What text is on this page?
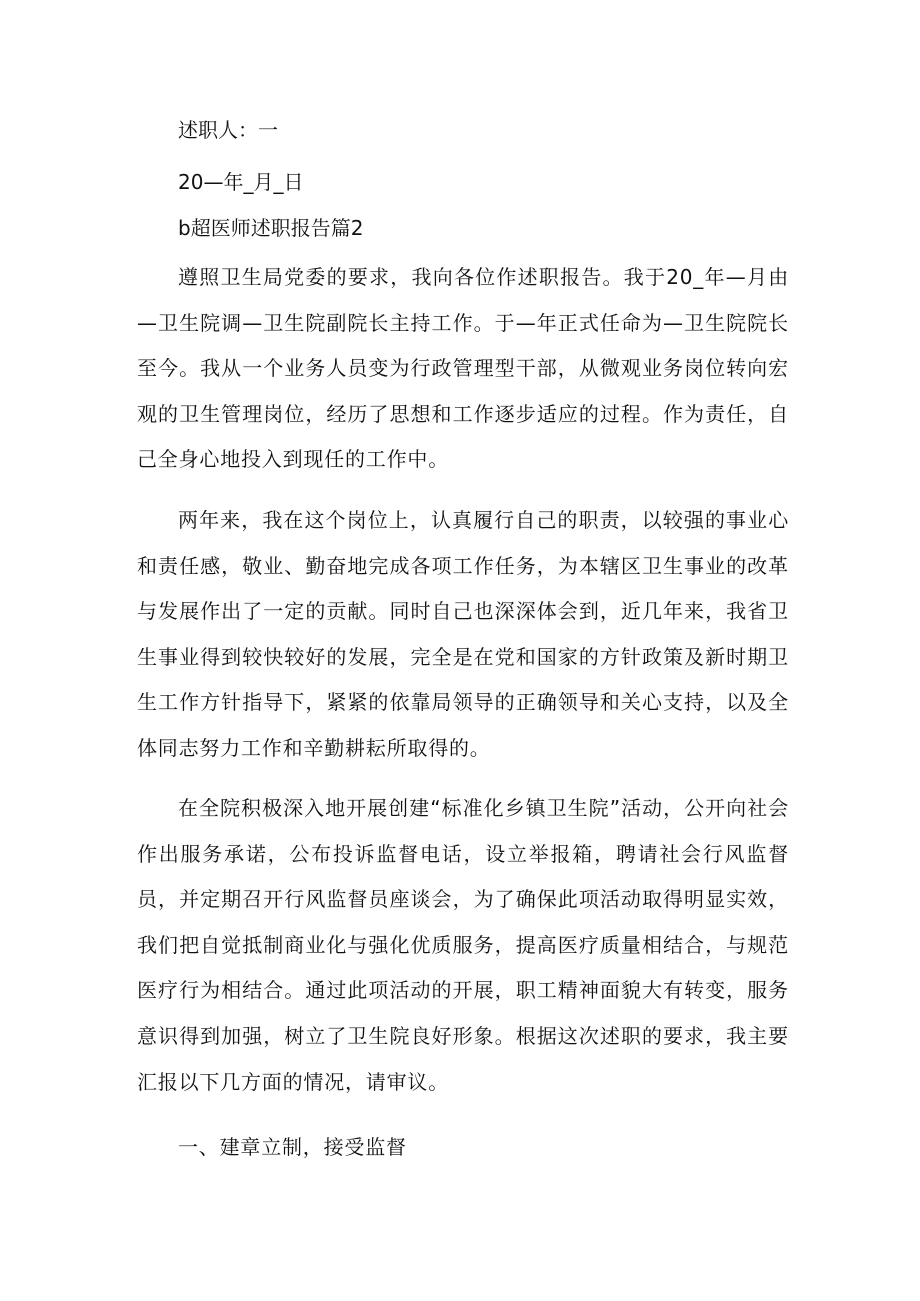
述职人：一

20—年_月_日

b超医师述职报告篇2

遵照卫生局党委的要求，我向各位作述职报告。我于20_年—月由—卫生院调—卫生院副院长主持工作。于—年正式任命为—卫生院院长至今。我从一个业务人员变为行政管理型干部，从微观业务岗位转向宏观的卫生管理岗位，经历了思想和工作逐步适应的过程。作为责任，自己全身心地投入到现任的工作中。

两年来，我在这个岗位上，认真履行自己的职责，以较强的事业心和责任感，敬业、勤奋地完成各项工作任务，为本辖区卫生事业的改革与发展作出了一定的贡献。同时自己也深深体会到，近几年来，我省卫生事业得到较快较好的发展，完全是在党和国家的方针政策及新时期卫生工作方针指导下，紧紧的依靠局领导的正确领导和关心支持，以及全体同志努力工作和辛勤耕耘所取得的。

在全院积极深入地开展创建“标准化乡镇卫生院”活动，公开向社会作出服务承诺，公布投诉监督电话，设立举报箱，聘请社会行风监督员，并定期召开行风监督员座谈会，为了确保此项活动取得明显实效，我们把自觉抵制商业化与强化优质服务，提高医疗质量相结合，与规范医疗行为相结合。通过此项活动的开展，职工精神面貌大有转变，服务意识得到加强，树立了卫生院良好形象。根据这次述职的要求，我主要汇报以下几方面的情况，请审议。

一、建章立制，接受监督
